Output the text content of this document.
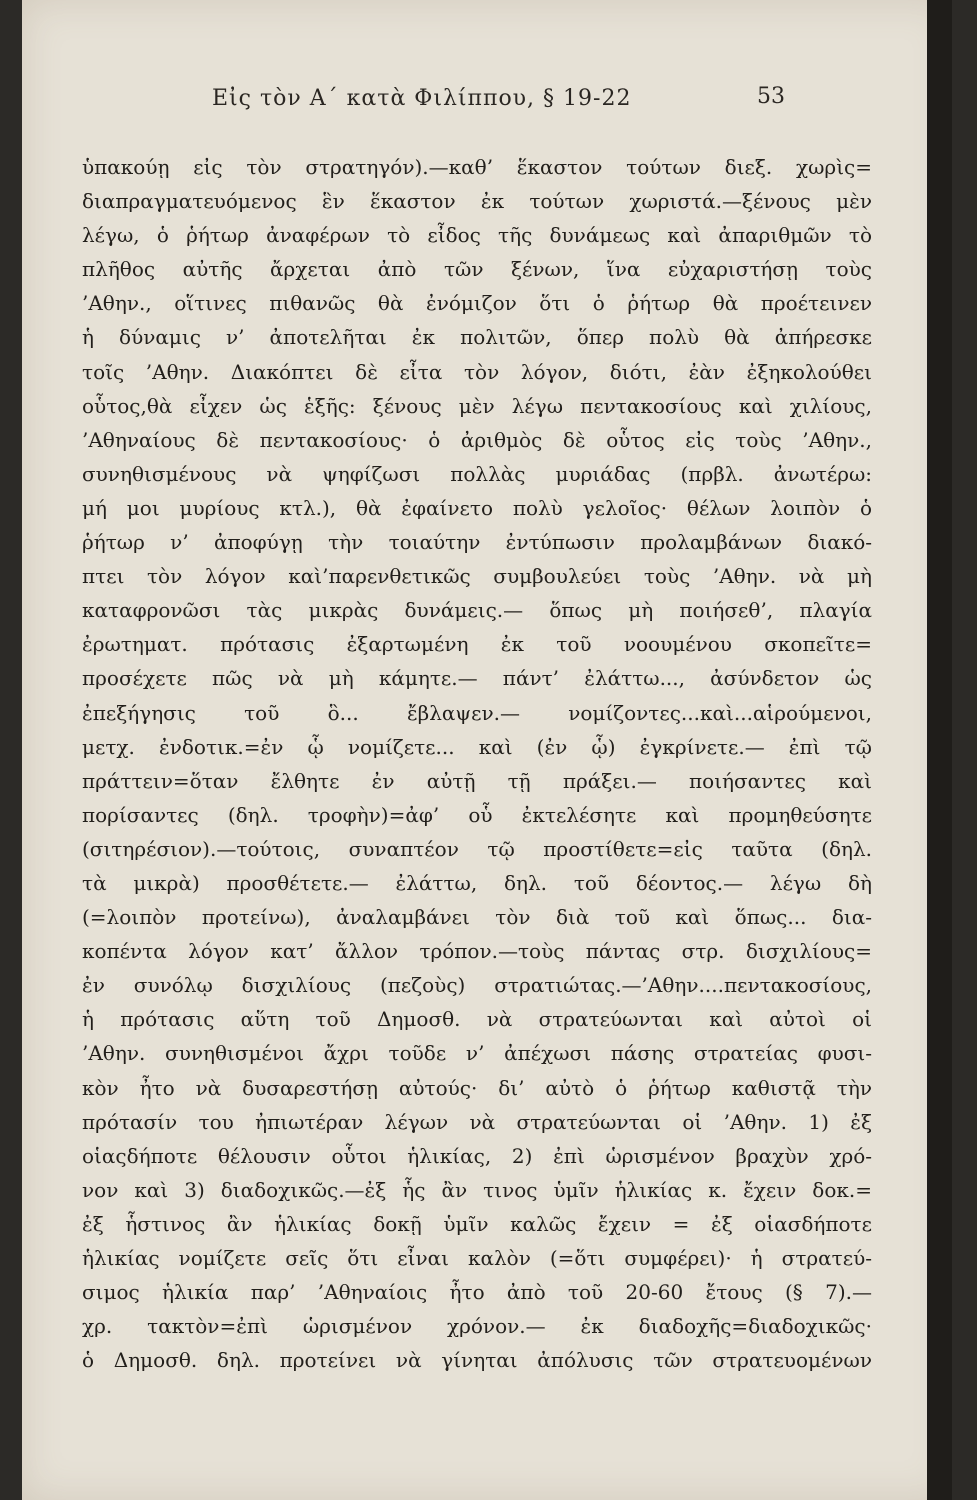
Εἰς τὸν Α΄ κατὰ Φιλίππου, § 19-22	53
ὑπακούῃ εἰς τὸν στρατηγόν).—καθ’ ἕκαστον τούτων διεξ. χωρὶς=
διαπραγματευόμενος ἓν ἕκαστον ἐκ τούτων χωριστά.—ξένους μὲν
λέγω, ὁ ῥήτωρ ἀναφέρων τὸ εἶδος τῆς δυνάμεως καὶ ἀπαριθμῶν τὸ
πλῆθος αὐτῆς ἄρχεται ἀπὸ τῶν ξένων, ἵνα εὐχαριστήσῃ τοὺς
’Αθην., οἵτινες πιθανῶς θὰ ἐνόμιζον ὅτι ὁ ῥήτωρ θὰ προέτεινεν
ἡ δύναμις ν’ ἀποτελῆται ἐκ πολιτῶν, ὅπερ πολὺ θὰ ἀπήρεσκε
τοῖς ’Αθην. Διακόπτει δὲ εἶτα τὸν λόγον, διότι, ἐὰν ἐξηκολούθει
οὗτος,θὰ εἶχεν ὡς ἑξῆς: ξένους μὲν λέγω πεντακοσίους καὶ χιλίους,
’Αθηναίους δὲ πεντακοσίους· ὁ ἀριθμὸς δὲ οὗτος εἰς τοὺς ’Αθην.,
συνηθισμένους νὰ ψηφίζωσι πολλὰς μυριάδας (πρβλ. ἀνωτέρω:
μή μοι μυρίους κτλ.), θὰ ἐφαίνετο πολὺ γελοῖος· θέλων λοιπὸν ὁ
ῥήτωρ ν’ ἀποφύγῃ τὴν τοιαύτην ἐντύπωσιν προλαμβάνων διακό-
πτει τὸν λόγον καὶ’παρενθετικῶς συμβουλεύει τοὺς ’Αθην. νὰ μὴ
καταφρονῶσι τὰς μικρὰς δυνάμεις.— ὅπως μὴ ποιήσεθ’, πλαγία
ἐρωτηματ. πρότασις ἐξαρτωμένη ἐκ τοῦ νοουμένου σκοπεῖτε=
προσέχετε πῶς νὰ μὴ κάμητε.— πάντ’ ἐλάττω..., ἀσύνδετον ὡς
ἐπεξήγησις τοῦ ὃ... ἔβλαψεν.— νομίζοντες...καὶ...αἱρούμενοι,
μετχ. ἐνδοτικ.=ἐν ᾧ νομίζετε... καὶ (ἐν ᾧ) ἐγκρίνετε.— ἐπὶ τῷ
πράττειν=ὅταν ἔλθητε ἐν αὐτῇ τῇ πράξει.— ποιήσαντες καὶ
πορίσαντες (δηλ. τροφὴν)=ἀφ’ οὗ ἐκτελέσητε καὶ προμηθεύσητε
(σιτηρέσιον).—τούτοις, συναπτέον τῷ προστίθετε=εἰς ταῦτα (δηλ.
τὰ μικρὰ) προσθέτετε.— ἐλάττω, δηλ. τοῦ δέοντος.— λέγω δὴ
(=λοιπὸν προτείνω), ἀναλαμβάνει τὸν διὰ τοῦ καὶ ὅπως... δια-
κοπέντα λόγον κατ’ ἄλλον τρόπον.—τοὺς πάντας στρ. δισχιλίους=
ἐν συνόλῳ δισχιλίους (πεζοὺς) στρατιώτας.—’Αθην....πεντακοσίους,
ἡ πρότασις αὕτη τοῦ Δημοσθ. νὰ στρατεύωνται καὶ αὐτοὶ οἱ
’Αθην. συνηθισμένοι ἄχρι τοῦδε ν’ ἀπέχωσι πάσης στρατείας φυσι-
κὸν ἦτο νὰ δυσαρεστήσῃ αὐτούς· δι’ αὐτὸ ὁ ῥήτωρ καθιστᾷ τὴν
πρότασίν του ἠπιωτέραν λέγων νὰ στρατεύωνται οἱ ’Αθην. 1) ἐξ
οἱαςδήποτε θέλουσιν οὗτοι ἡλικίας, 2) ἐπὶ ὡρισμένον βραχὺν χρό-
νον καὶ 3) διαδοχικῶς.—ἐξ ἧς ἂν τινος ὑμῖν ἡλικίας κ. ἔχειν δοκ.=
ἐξ ἧστινος ἂν ἡλικίας δοκῇ ὑμῖν καλῶς ἔχειν = ἐξ οἱασδήποτε
ἡλικίας νομίζετε σεῖς ὅτι εἶναι καλὸν (=ὅτι συμφέρει)· ἡ στρατεύ-
σιμος ἡλικία παρ’ ’Αθηναίοις ἦτο ἀπὸ τοῦ 20-60 ἔτους (§ 7).—
χρ. τακτὸν=ἐπὶ ὡρισμένον χρόνον.— ἐκ διαδοχῆς=διαδοχικῶς·
ὁ Δημοσθ. δηλ. προτείνει νὰ γίνηται ἀπόλυσις τῶν στρατευομένων
